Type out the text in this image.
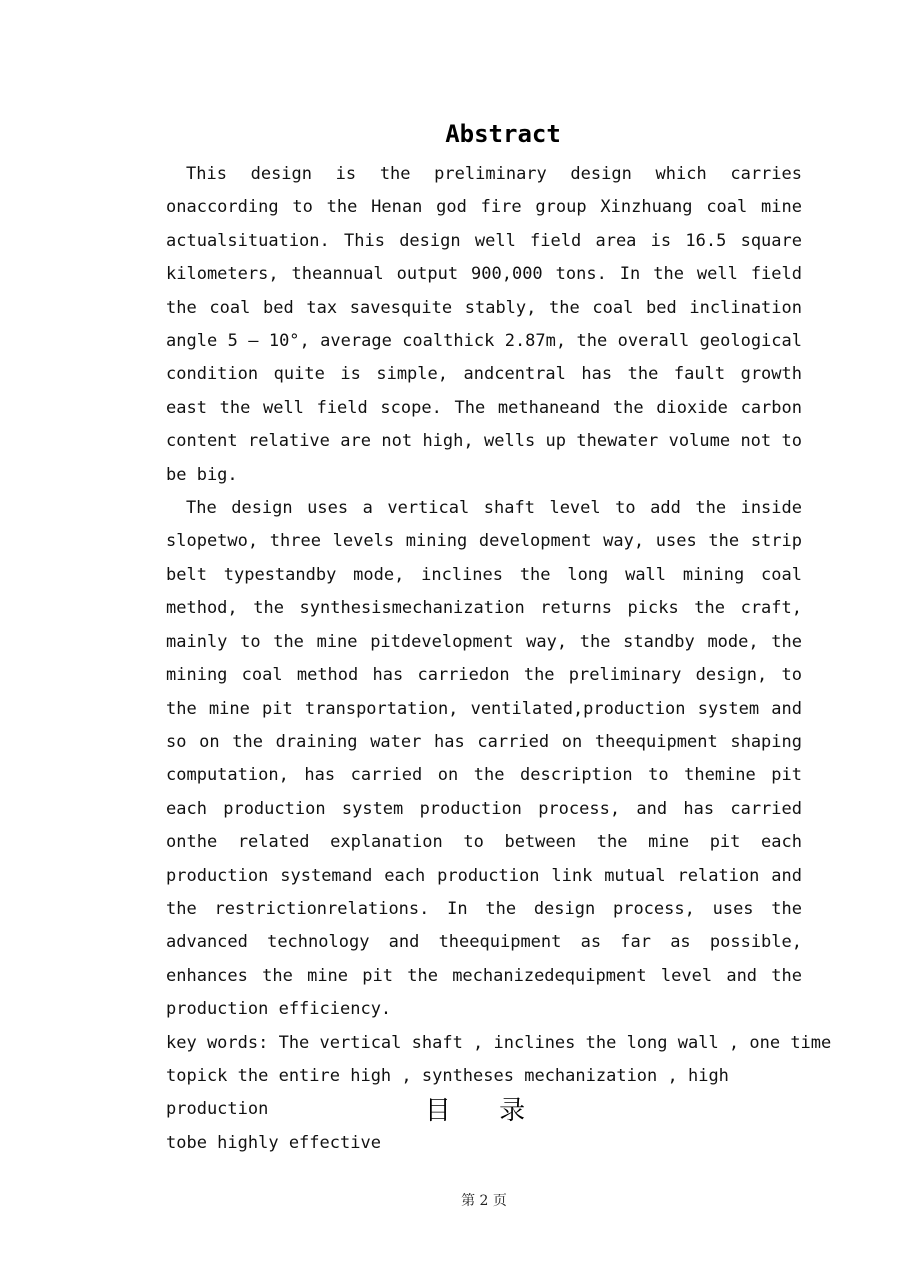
Abstract

This design is the preliminary design which carries onaccording to the Henan god fire group Xinzhuang coal mine actualsituation. This design well field area is 16.5 square kilometers, theannual output 900,000 tons. In the well field the coal bed tax savesquite stably, the coal bed inclination angle 5 – 10°, average coalthick 2.87m, the overall geological condition quite is simple, andcentral has the fault growth east the well field scope. The methaneand the dioxide carbon content relative are not high, wells up thewater volume not to be big.

The design uses a vertical shaft level to add the inside slopetwo, three levels mining development way, uses the strip belt typestandby mode, inclines the long wall mining coal method, the synthesismechanization returns picks the craft, mainly to the mine pitdevelopment way, the standby mode, the mining coal method has carriedon the preliminary design, to the mine pit transportation, ventilated,production system and so on the draining water has carried on theequipment shaping computation, has carried on the description to themine pit each production system production process, and has carried onthe related explanation to between the mine pit each production systemand each production link mutual relation and the restrictionrelations. In the design process, uses the advanced technology and theequipment as far as possible, enhances the mine pit the mechanizedequipment level and the production efficiency.

key words: The vertical shaft , inclines the long wall , one time

topick the entire high , syntheses mechanization , high production

tobe highly effective

目 录
第 2 页
